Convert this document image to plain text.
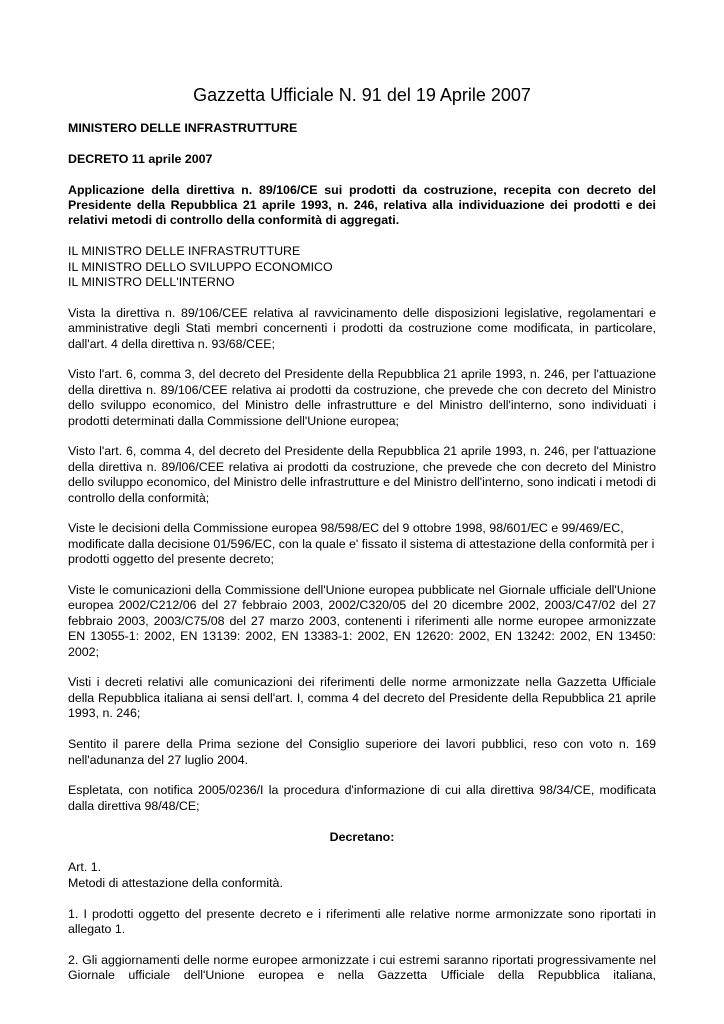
Gazzetta Ufficiale N. 91 del 19 Aprile 2007

MINISTERO DELLE INFRASTRUTTURE

DECRETO 11 aprile 2007

Applicazione della direttiva n. 89/106/CE sui prodotti da costruzione, recepita con decreto del Presidente della Repubblica 21 aprile 1993, n. 246, relativa alla individuazione dei prodotti e dei relativi metodi di controllo della conformità di aggregati.

IL MINISTRO DELLE INFRASTRUTTURE

IL MINISTRO DELLO SVILUPPO ECONOMICO

IL MINISTRO DELL'INTERNO

Vista la direttiva n. 89/106/CEE relativa al ravvicinamento delle disposizioni legislative, regolamentari e amministrative degli Stati membri concernenti i prodotti da costruzione come modificata, in particolare, dall'art. 4 della direttiva n. 93/68/CEE;

Visto l'art. 6, comma 3, del decreto del Presidente della Repubblica 21 aprile 1993, n. 246, per l'attuazione della direttiva n. 89/106/CEE relativa ai prodotti da costruzione, che prevede che con decreto del Ministro dello sviluppo economico, del Ministro delle infrastrutture e del Ministro dell'interno, sono individuati i prodotti determinati dalla Commissione dell'Unione europea;

Visto l'art. 6, comma 4, del decreto del Presidente della Repubblica 21 aprile 1993, n. 246, per l'attuazione della direttiva n. 89/l06/CEE relativa ai prodotti da costruzione, che prevede che con decreto del Ministro dello sviluppo economico, del Ministro delle infrastrutture e del Ministro dell'interno, sono indicati i metodi di controllo della conformità;

Viste le decisioni della Commissione europea 98/598/EC del 9 ottobre 1998, 98/601/EC e 99/469/EC, modificate dalla decisione 01/596/EC, con la quale e' fissato il sistema di attestazione della conformità per i prodotti oggetto del presente decreto;

Viste le comunicazioni della Commissione dell'Unione europea pubblicate nel Giornale ufficiale dell'Unione europea 2002/C212/06 del 27 febbraio 2003, 2002/C320/05 del 20 dicembre 2002, 2003/C47/02 del 27 febbraio 2003, 2003/C75/08 del 27 marzo 2003, contenenti i riferimenti alle norme europee armonizzate EN 13055-1: 2002, EN 13139: 2002, EN 13383-1: 2002, EN 12620: 2002, EN 13242: 2002, EN 13450: 2002;

Visti i decreti relativi alle comunicazioni dei riferimenti delle norme armonizzate nella Gazzetta Ufficiale della Repubblica italiana ai sensi dell'art. I, comma 4 del decreto del Presidente della Repubblica 21 aprile 1993, n. 246;

Sentito il parere della Prima sezione del Consiglio superiore dei lavori pubblici, reso con voto n. 169 nell'adunanza del 27 luglio 2004.

Espletata, con notifica 2005/0236/I la procedura d'informazione di cui alla direttiva 98/34/CE, modificata dalla direttiva 98/48/CE;

Decretano:

Art. 1.

Metodi di attestazione della conformità.

1. I prodotti oggetto del presente decreto e i riferimenti alle relative norme armonizzate sono riportati in allegato 1.

2. Gli aggiornamenti delle norme europee armonizzate i cui estremi saranno riportati progressivamente nel Giornale ufficiale dell'Unione europea e nella Gazzetta Ufficiale della Repubblica italiana,
